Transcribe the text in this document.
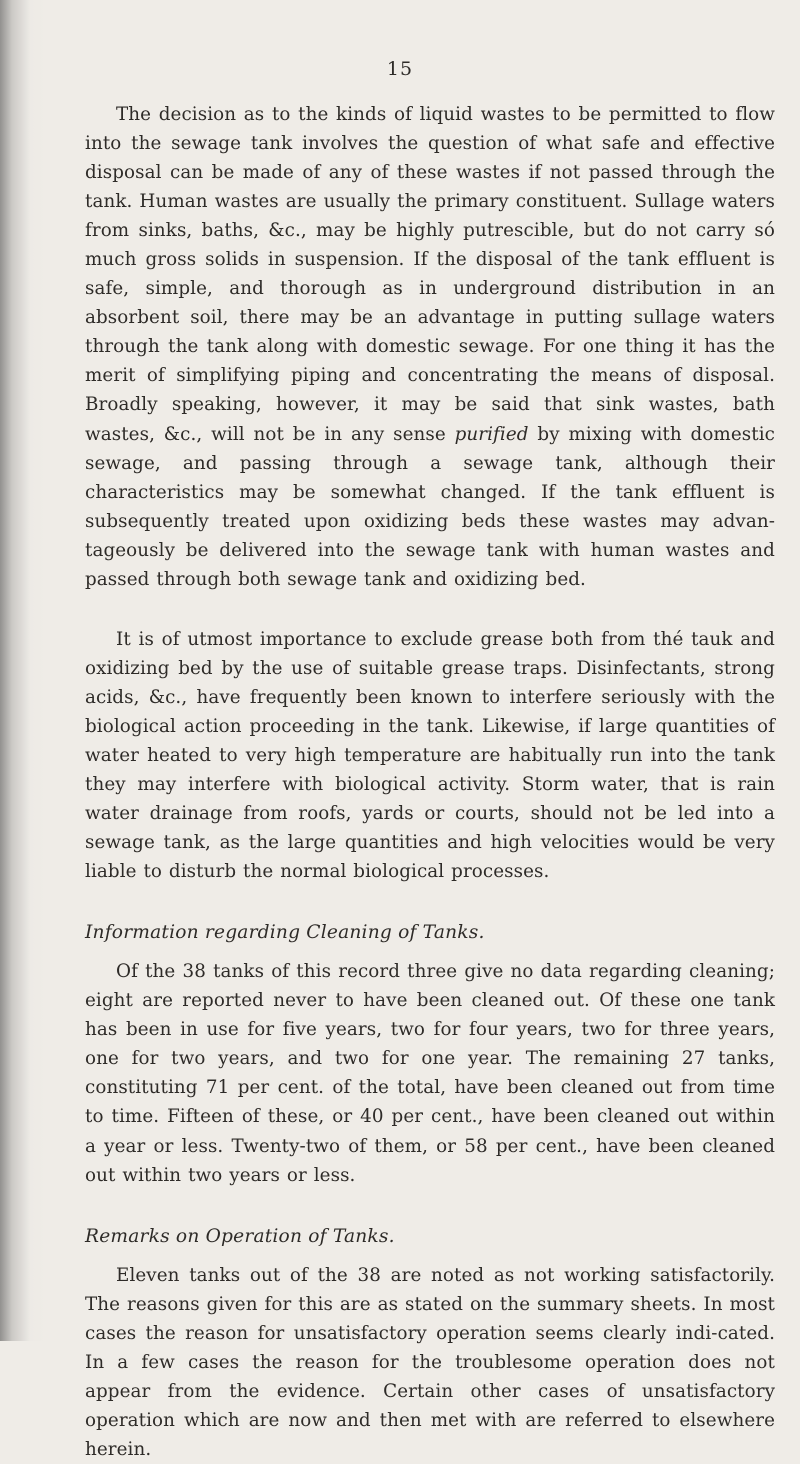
15

The decision as to the kinds of liquid wastes to be permitted to flow into the sewage tank involves the question of what safe and effective disposal can be made of any of these wastes if not passed through the tank. Human wastes are usually the primary constituent. Sullage waters from sinks, baths, &c., may be highly putrescible, but do not carry só much gross solids in suspension. If the disposal of the tank effluent is safe, simple, and thorough as in underground distribution in an absorbent soil, there may be an advantage in putting sullage waters through the tank along with domestic sewage. For one thing it has the merit of simplifying piping and concentrating the means of disposal. Broadly speaking, however, it may be said that sink wastes, bath wastes, &c., will not be in any sense purified by mixing with domestic sewage, and passing through a sewage tank, although their characteristics may be somewhat changed. If the tank effluent is subsequently treated upon oxidizing beds these wastes may advan-tageously be delivered into the sewage tank with human wastes and passed through both sewage tank and oxidizing bed.

It is of utmost importance to exclude grease both from thé tauk and oxidizing bed by the use of suitable grease traps. Disinfectants, strong acids, &c., have frequently been known to interfere seriously with the biological action proceeding in the tank. Likewise, if large quantities of water heated to very high temperature are habitually run into the tank they may interfere with biological activity. Storm water, that is rain water drainage from roofs, yards or courts, should not be led into a sewage tank, as the large quantities and high velocities would be very liable to disturb the normal biological processes.

Information regarding Cleaning of Tanks.

Of the 38 tanks of this record three give no data regarding cleaning; eight are reported never to have been cleaned out. Of these one tank has been in use for five years, two for four years, two for three years, one for two years, and two for one year. The remaining 27 tanks, constituting 71 per cent. of the total, have been cleaned out from time to time. Fifteen of these, or 40 per cent., have been cleaned out within a year or less. Twenty-two of them, or 58 per cent., have been cleaned out within two years or less.

Remarks on Operation of Tanks.

Eleven tanks out of the 38 are noted as not working satisfactorily. The reasons given for this are as stated on the summary sheets. In most cases the reason for unsatisfactory operation seems clearly indi-cated. In a few cases the reason for the troublesome operation does not appear from the evidence. Certain other cases of unsatisfactory operation which are now and then met with are referred to elsewhere herein.
